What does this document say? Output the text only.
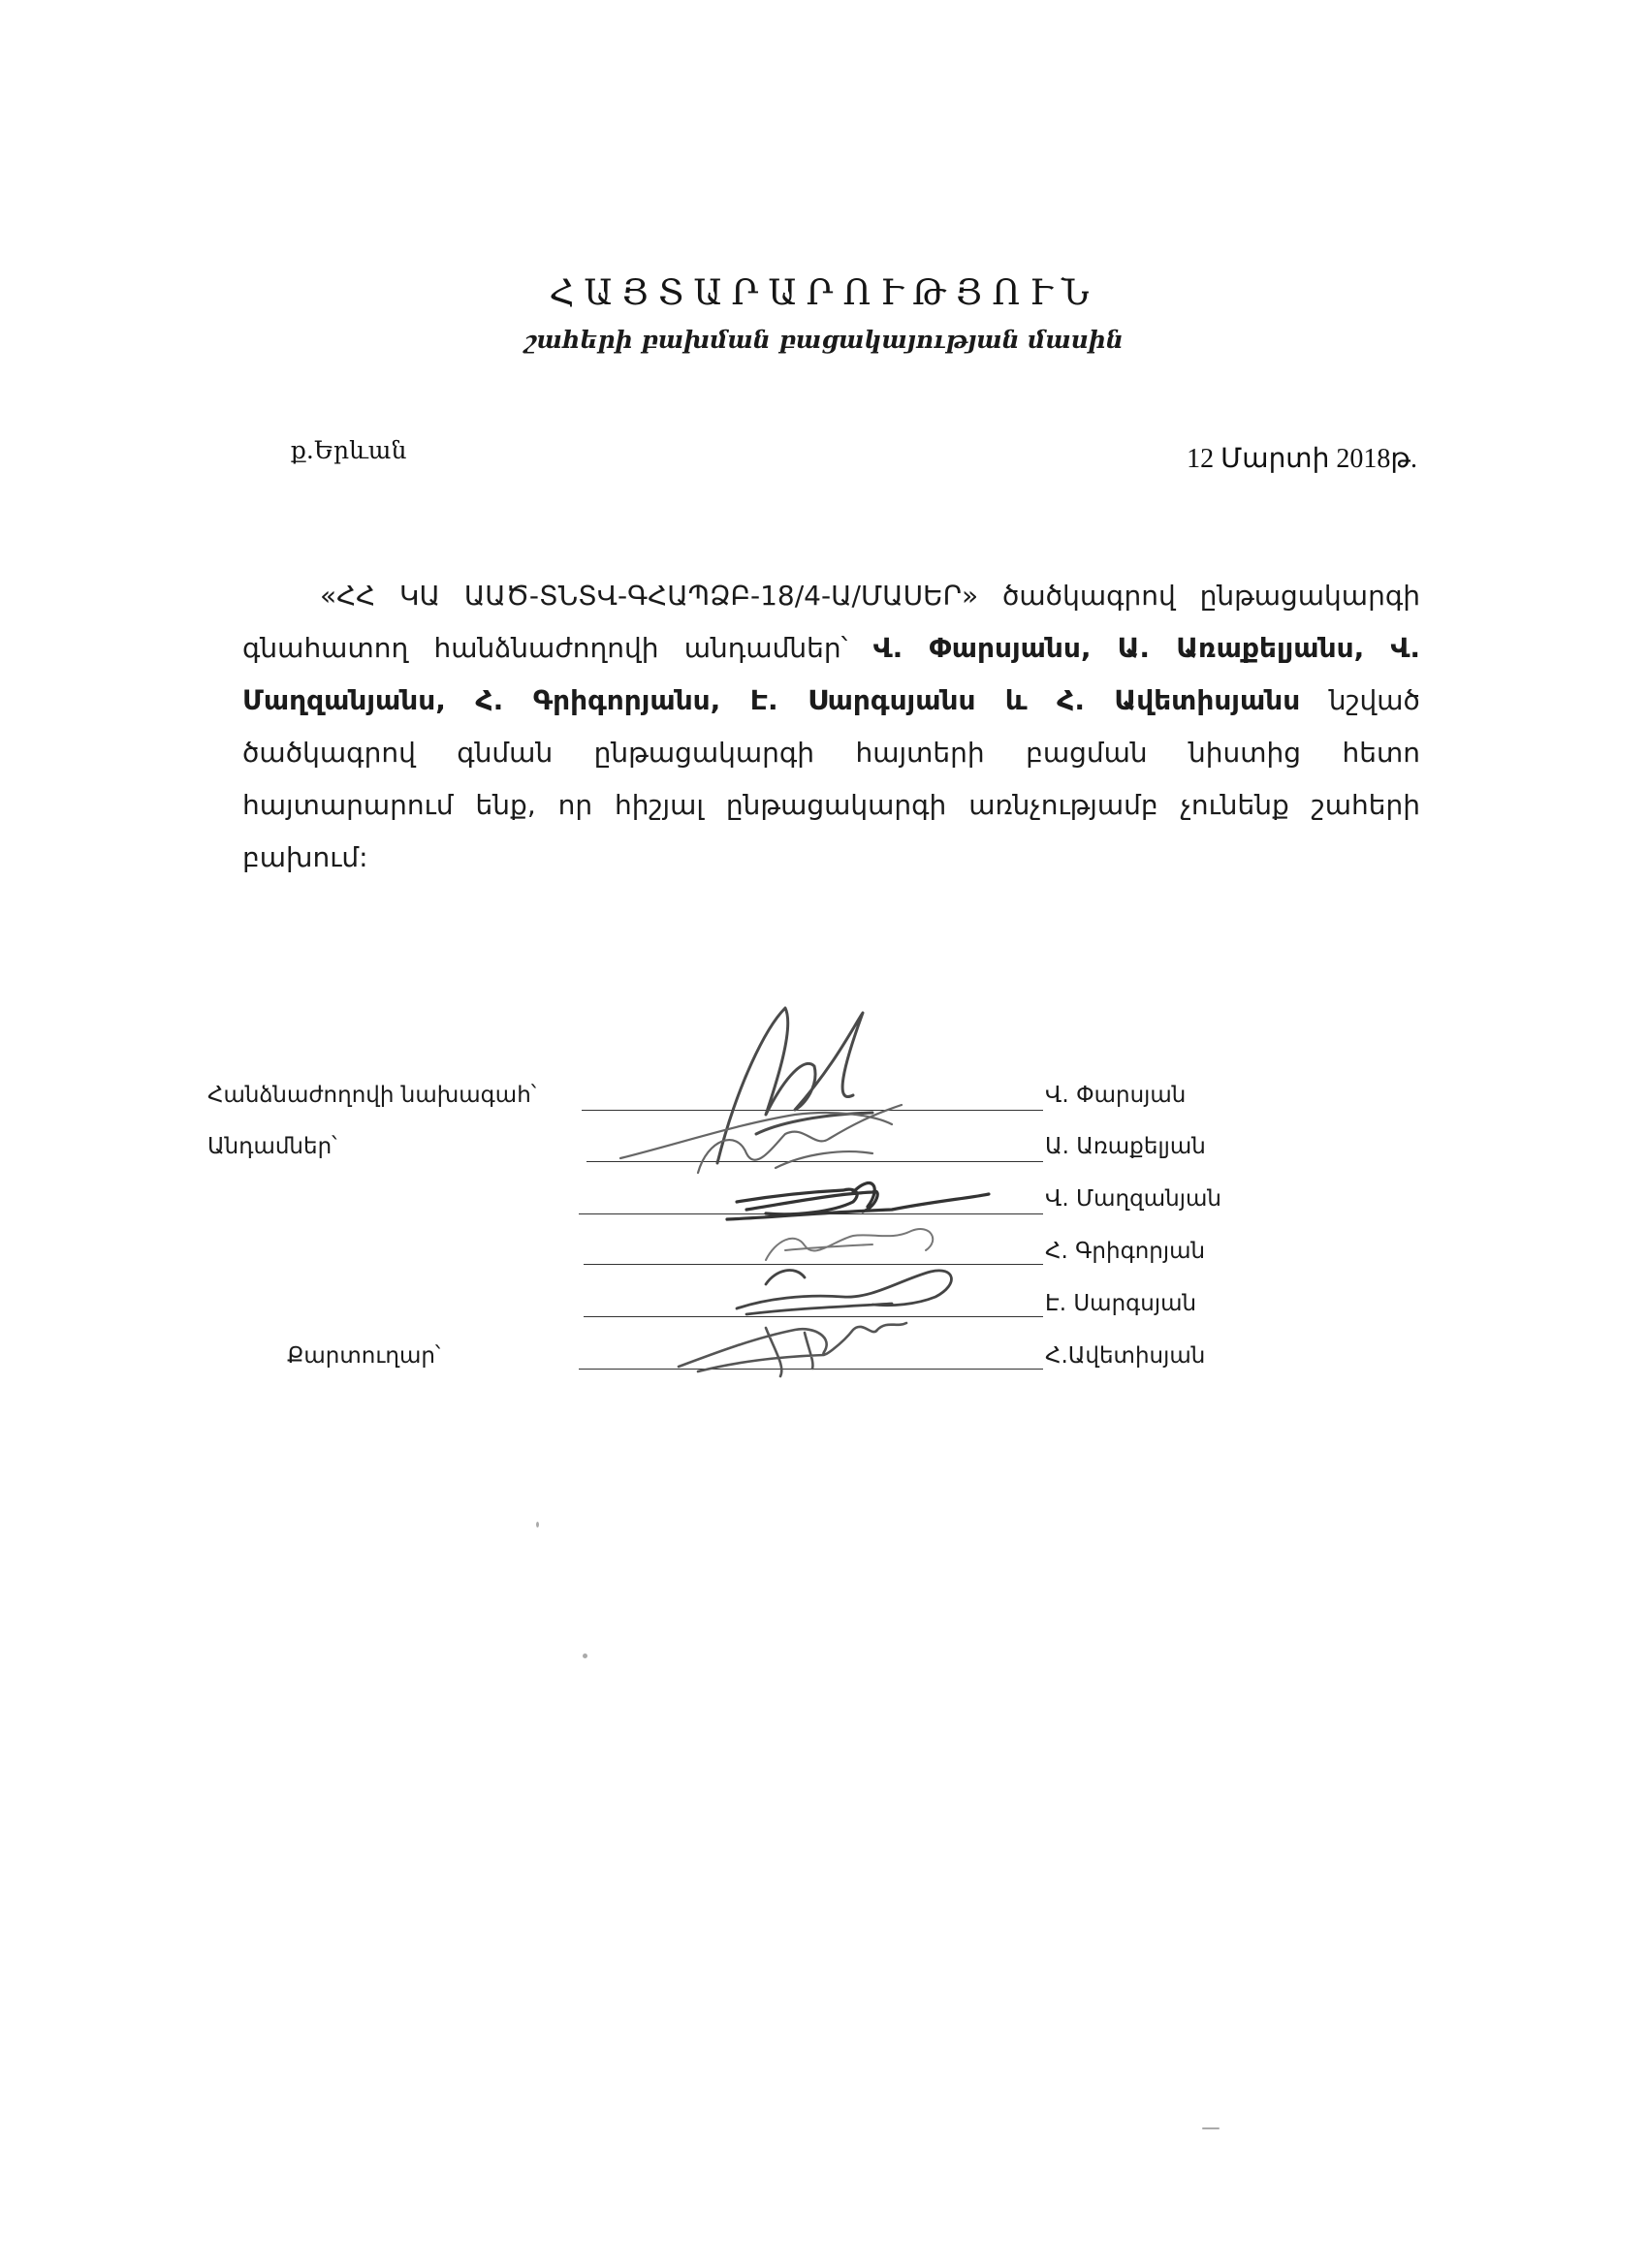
ՀԱՅՏԱՐԱՐՈՒԹՅՈՒՆ
շահերի բախման բացակայության մասին
ք.Երևան	12 Մարտի 2018թ.
«ՀՀ ԿԱ ԱԱԾ-ՏՆՏՎ-ԳՀԱՊՁԲ-18/4-Ա/ՄԱՍԵՐ» ծածկագրով ընթացակարգի գնահատող հանձնաժողովի անդամներ՝ Վ. Փարսյանս, Ա. Առաքելյանս, Վ. Մաղզանյանս, Հ. Գրիգորյանս, Է. Սարգսյանս և Հ. Ավետիսյանս նշված ծածկագրով գնման ընթացակարգի հայտերի բացման նիստից հետո հայտարարում ենք, որ հիշյալ ընթացակարգի առնչությամբ չունենք շահերի բախում:
Հանձնաժողովի նախագահ՝
Անդամներ՝
Քարտուղար՝
Վ. Փարսյան
Ա. Առաքելյան
Վ. Մաղզանյան
Հ. Գրիգորյան
Է. Սարգսյան
Հ.Ավետիսյան
